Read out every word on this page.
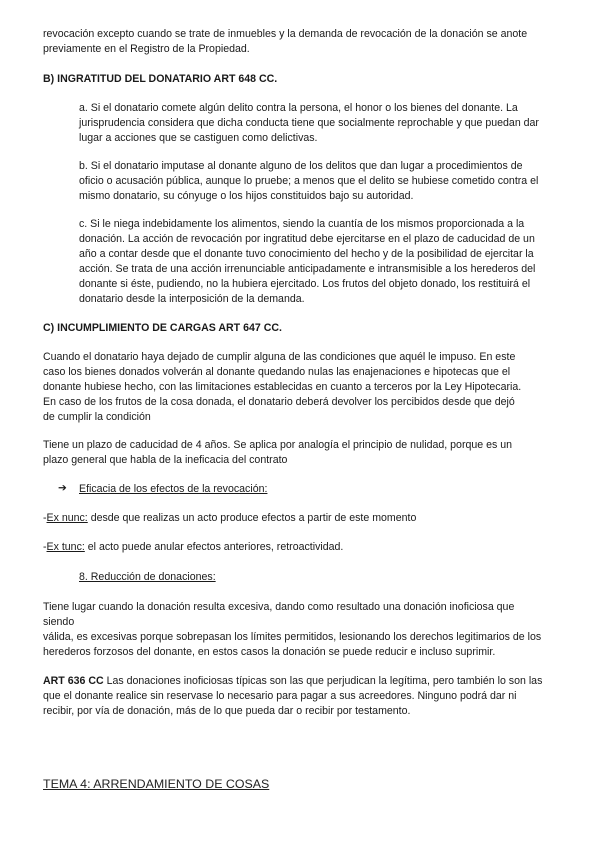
revocación excepto cuando se trate de inmuebles y la demanda de revocación de la donación se anote
previamente en el Registro de la Propiedad.

B) INGRATITUD DEL DONATARIO ART 648 CC.

a. Si el donatario comete algún delito contra la persona, el honor o los bienes del donante. La
jurisprudencia considera que dicha conducta tiene que socialmente reprochable y que puedan dar
lugar a acciones que se castiguen como delictivas.

b. Si el donatario imputase al donante alguno de los delitos que dan lugar a procedimientos de
oficio o acusación pública, aunque lo pruebe; a menos que el delito se hubiese cometido contra el
mismo donatario, su cónyuge o los hijos constituidos bajo su autoridad.

c. Si le niega indebidamente los alimentos, siendo la cuantía de los mismos proporcionada a la
donación. La acción de revocación por ingratitud debe ejercitarse en el plazo de caducidad de un
año a contar desde que el donante tuvo conocimiento del hecho y de la posibilidad de ejercitar la
acción. Se trata de una acción irrenunciable anticipadamente e intransmisible a los herederos del
donante si éste, pudiendo, no la hubiera ejercitado. Los frutos del objeto donado, los restituirá el
donatario desde la interposición de la demanda.

C) INCUMPLIMIENTO DE CARGAS ART 647 CC.

Cuando el donatario haya dejado de cumplir alguna de las condiciones que aquél le impuso. En este
caso los bienes donados volverán al donante quedando nulas las enajenaciones e hipotecas que el
donante hubiese hecho, con las limitaciones establecidas en cuanto a terceros por la Ley Hipotecaria.
En caso de los frutos de la cosa donada, el donatario deberá devolver los percibidos desde que dejó
de cumplir la condición

Tiene un plazo de caducidad de 4 años. Se aplica por analogía el principio de nulidad, porque es un
plazo general que habla de la ineficacia del contrato

➔ Eficacia de los efectos de la revocación:

-Ex nunc: desde que realizas un acto produce efectos a partir de este momento

-Ex tunc: el acto puede anular efectos anteriores, retroactividad.

8. Reducción de donaciones:

Tiene lugar cuando la donación resulta excesiva, dando como resultado una donación inoficiosa que
siendo
válida, es excesivas porque sobrepasan los límites permitidos, lesionando los derechos legitimarios de los
herederos forzosos del donante, en estos casos la donación se puede reducir e incluso suprimir.

ART 636 CC Las donaciones inoficiosas típicas son las que perjudican la legítima, pero también lo son las
que el donante realice sin reservase lo necesario para pagar a sus acreedores. Ninguno podrá dar ni
recibir, por vía de donación, más de lo que pueda dar o recibir por testamento.

TEMA 4: ARRENDAMIENTO DE COSAS
